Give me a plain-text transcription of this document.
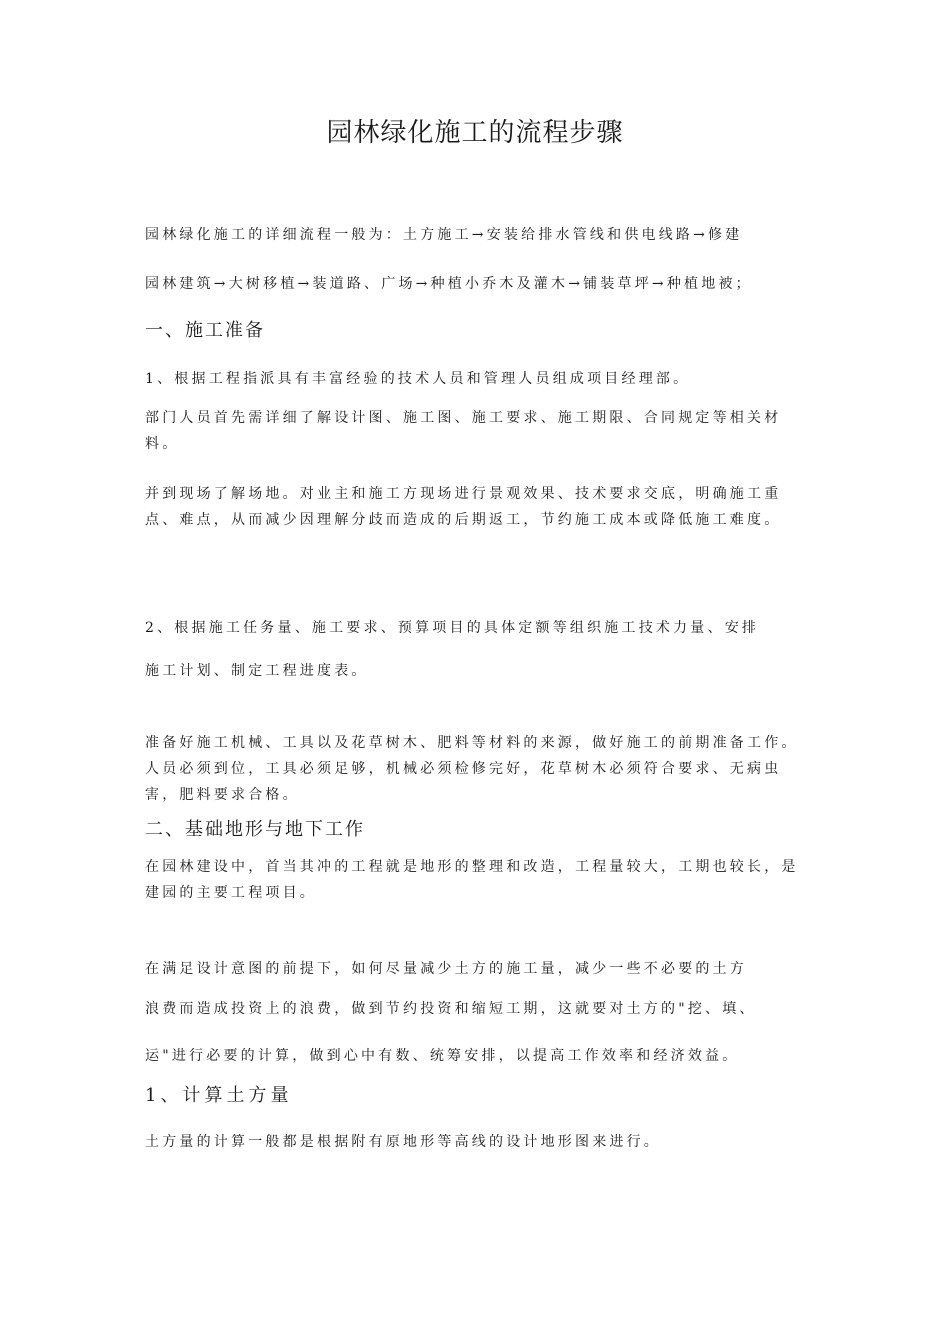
园林绿化施工的流程步骤

园林绿化施工的详细流程一般为：土方施工→安装给排水管线和供电线路→修建

园林建筑→大树移植→装道路、广场→种植小乔木及灌木→铺装草坪→种植地被；

一、施工准备

1、根据工程指派具有丰富经验的技术人员和管理人员组成项目经理部。

部门人员首先需详细了解设计图、施工图、施工要求、施工期限、合同规定等相关材料。

并到现场了解场地。对业主和施工方现场进行景观效果、技术要求交底，明确施工重点、难点，从而减少因理解分歧而造成的后期返工，节约施工成本或降低施工难度。

2、根据施工任务量、施工要求、预算项目的具体定额等组织施工技术力量、安排

施工计划、制定工程进度表。

准备好施工机械、工具以及花草树木、肥料等材料的来源，做好施工的前期准备工作。人员必须到位，工具必须足够，机械必须检修完好，花草树木必须符合要求、无病虫害，肥料要求合格。

二、基础地形与地下工作

在园林建设中，首当其冲的工程就是地形的整理和改造，工程量较大，工期也较长，是建园的主要工程项目。

在满足设计意图的前提下，如何尽量减少土方的施工量，减少一些不必要的土方

浪费而造成投资上的浪费，做到节约投资和缩短工期，这就要对土方的"挖、填、

运"进行必要的计算，做到心中有数、统筹安排，以提高工作效率和经济效益。

1、计算土方量

土方量的计算一般都是根据附有原地形等高线的设计地形图来进行。
